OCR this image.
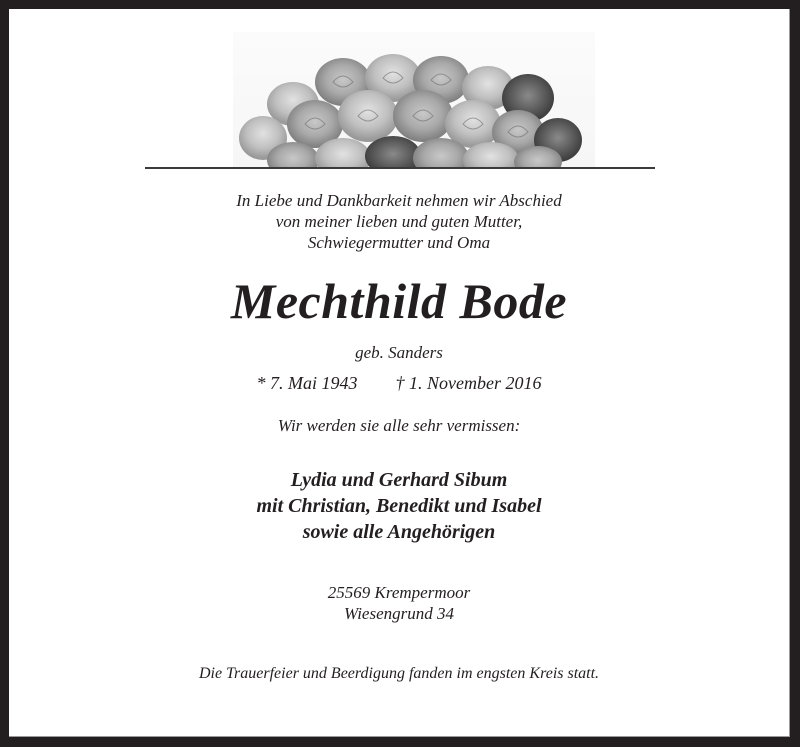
In Liebe und Dankbarkeit nehmen wir Abschied
von meiner lieben und guten Mutter,
Schwiegermutter und Oma
Mechthild Bode
geb. Sanders
* 7. Mai 1943 † 1. November 2016
Wir werden sie alle sehr vermissen:
Lydia und Gerhard Sibum
mit Christian, Benedikt und Isabel
sowie alle Angehörigen
25569 Krempermoor
Wiesengrund 34
Die Trauerfeier und Beerdigung fanden im engsten Kreis statt.
